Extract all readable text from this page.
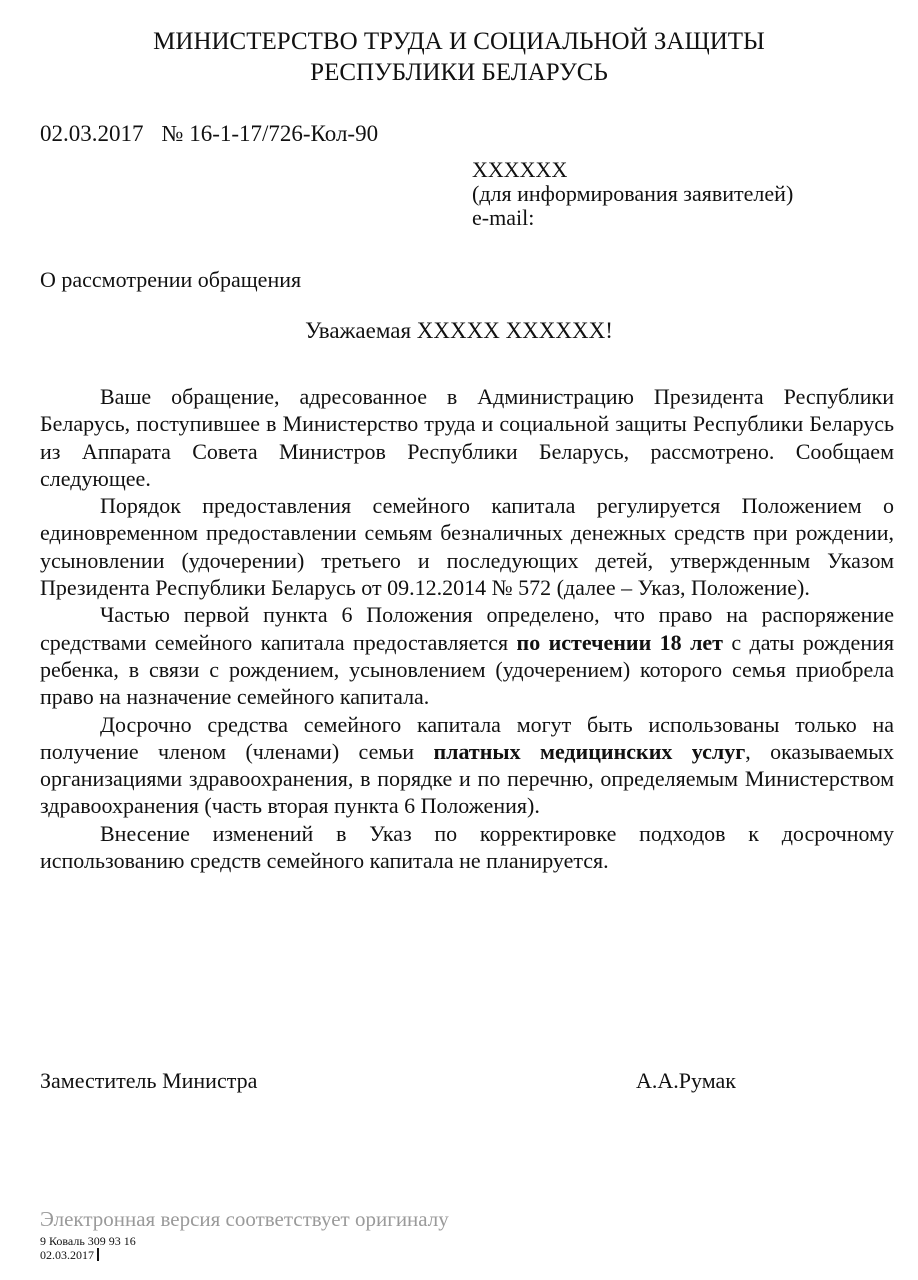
МИНИСТЕРСТВО ТРУДА И СОЦИАЛЬНОЙ ЗАЩИТЫ
РЕСПУБЛИКИ БЕЛАРУСЬ
02.03.2017 № 16-1-17/726-Кол-90
XXXXXX
(для информирования заявителей)
e-mail:
О рассмотрении обращения
Уважаемая XXXXX XXXXXX!

Ваше обращение, адресованное в Администрацию Президента Республики Беларусь, поступившее в Министерство труда и социальной защиты Республики Беларусь из Аппарата Совета Министров Республики Беларусь, рассмотрено. Сообщаем следующее.

Порядок предоставления семейного капитала регулируется Положением о единовременном предоставлении семьям безналичных денежных средств при рождении, усыновлении (удочерении) третьего и последующих детей, утвержденным Указом Президента Республики Беларусь от 09.12.2014 № 572 (далее – Указ, Положение).

Частью первой пункта 6 Положения определено, что право на распоряжение средствами семейного капитала предоставляется по истечении 18 лет с даты рождения ребенка, в связи с рождением, усыновлением (удочерением) которого семья приобрела право на назначение семейного капитала.

Досрочно средства семейного капитала могут быть использованы только на получение членом (членами) семьи платных медицинских услуг, оказываемых организациями здравоохранения, в порядке и по перечню, определяемым Министерством здравоохранения (часть вторая пункта 6 Положения).

Внесение изменений в Указ по корректировке подходов к досрочному использованию средств семейного капитала не планируется.

Заместитель Министра	А.А.Румак
Электронная версия соответствует оригиналу
9 Коваль 309 93 16
02.03.2017
